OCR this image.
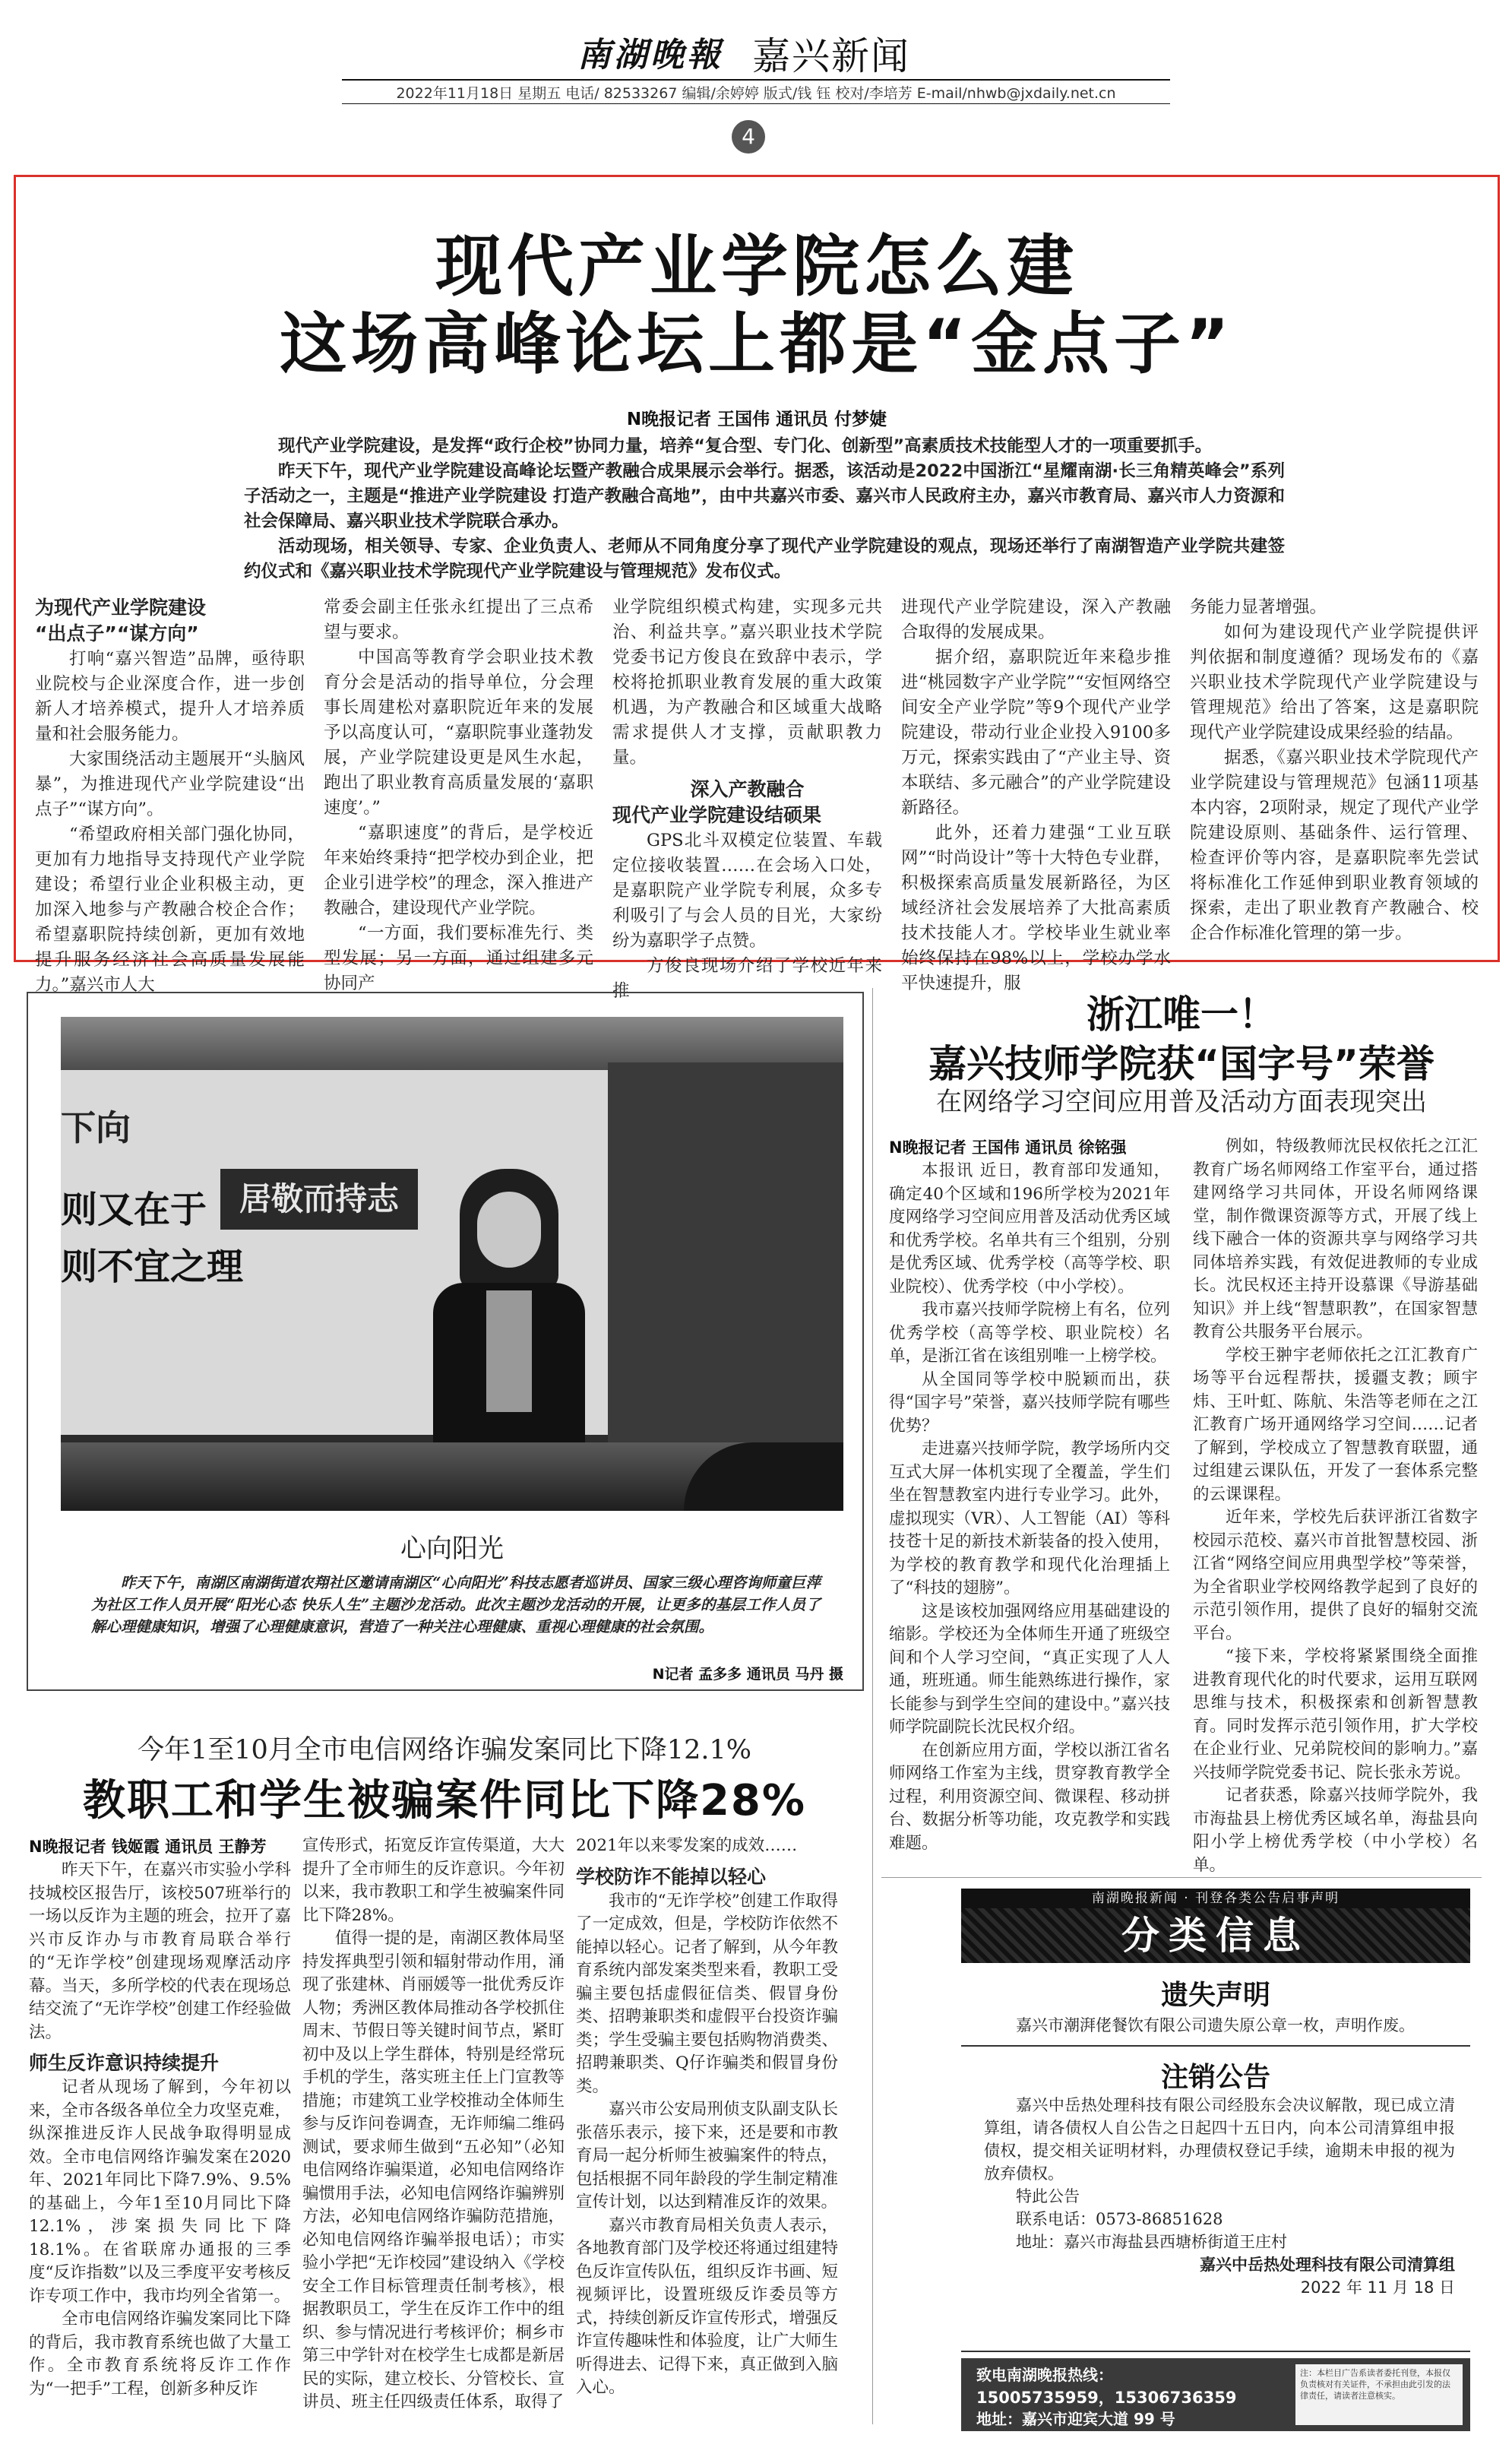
南湖晚報 嘉兴新闻
2022年11月18日 星期五 电话/ 82533267 编辑/余婷婷 版式/钱 钰 校对/李培芳 E-mail/nhwb@jxdaily.net.cn
4
现代产业学院怎么建
这场高峰论坛上都是“金点子”
N晚报记者 王国伟 通讯员 付梦婕

现代产业学院建设，是发挥“政行企校”协同力量，培养“复合型、专门化、创新型”高素质技术技能型人才的一项重要抓手。

昨天下午，现代产业学院建设高峰论坛暨产教融合成果展示会举行。据悉，该活动是2022中国浙江“星耀南湖·长三角精英峰会”系列子活动之一，主题是“推进产业学院建设 打造产教融合高地”，由中共嘉兴市委、嘉兴市人民政府主办，嘉兴市教育局、嘉兴市人力资源和社会保障局、嘉兴职业技术学院联合承办。

活动现场，相关领导、专家、企业负责人、老师从不同角度分享了现代产业学院建设的观点，现场还举行了南湖智造产业学院共建签约仪式和《嘉兴职业技术学院现代产业学院建设与管理规范》发布仪式。

为现代产业学院建设
“出点子”“谋方向”

打响“嘉兴智造”品牌，亟待职业院校与企业深度合作，进一步创新人才培养模式，提升人才培养质量和社会服务能力。

大家围绕活动主题展开“头脑风暴”，为推进现代产业学院建设“出点子”“谋方向”。

“希望政府相关部门强化协同，更加有力地指导支持现代产业学院建设；希望行业企业积极主动，更加深入地参与产教融合校企合作；希望嘉职院持续创新，更加有效地提升服务经济社会高质量发展能力。”嘉兴市人大

常委会副主任张永红提出了三点希望与要求。

中国高等教育学会职业技术教育分会是活动的指导单位，分会理事长周建松对嘉职院近年来的发展予以高度认可，“嘉职院事业蓬勃发展，产业学院建设更是风生水起，跑出了职业教育高质量发展的‘嘉职速度’。”

“嘉职速度”的背后，是学校近年来始终秉持“把学校办到企业，把企业引进学校”的理念，深入推进产教融合，建设现代产业学院。

“一方面，我们要标准先行、类型发展；另一方面，通过组建多元协同产

业学院组织模式构建，实现多元共治、利益共享。”嘉兴职业技术学院党委书记方俊良在致辞中表示，学校将抢抓职业教育发展的重大政策机遇，为产教融合和区域重大战略需求提供人才支撑，贡献职教力量。

深入产教融合
现代产业学院建设结硕果

GPS北斗双模定位装置、车载定位接收装置……在会场入口处，是嘉职院产业学院专利展，众多专利吸引了与会人员的目光，大家纷纷为嘉职学子点赞。

方俊良现场介绍了学校近年来推

进现代产业学院建设，深入产教融合取得的发展成果。

据介绍，嘉职院近年来稳步推进“桃园数字产业学院”“安恒网络空间安全产业学院”等9个现代产业学院建设，带动行业企业投入9100多万元，探索实践由了“产业主导、资本联结、多元融合”的产业学院建设新路径。

此外，还着力建强“工业互联网”“时尚设计”等十大特色专业群，积极探索高质量发展新路径，为区域经济社会发展培养了大批高素质技术技能人才。学校毕业生就业率始终保持在98%以上，学校办学水平快速提升，服

务能力显著增强。

如何为建设现代产业学院提供评判依据和制度遵循？现场发布的《嘉兴职业技术学院现代产业学院建设与管理规范》给出了答案，这是嘉职院现代产业学院建设成果经验的结晶。

据悉，《嘉兴职业技术学院现代产业学院建设与管理规范》包涵11项基本内容，2项附录，规定了现代产业学院建设原则、基础条件、运行管理、检查评价等内容，是嘉职院率先尝试将标准化工作延伸到职业教育领域的探索，走出了职业教育产教融合、校企合作标准化管理的第一步。

下向
居敬而持志
则又在于
则不宜之理
心向阳光
昨天下午，南湖区南湖街道农翔社区邀请南湖区“心向阳光”科技志愿者巡讲员、国家三级心理咨询师童巨萍为社区工作人员开展“阳光心态 快乐人生”主题沙龙活动。此次主题沙龙活动的开展，让更多的基层工作人员了解心理健康知识，增强了心理健康意识，营造了一种关注心理健康、重视心理健康的社会氛围。
N记者 孟多多 通讯员 马丹 摄
今年1至10月全市电信网络诈骗发案同比下降12.1%
教职工和学生被骗案件同比下降28%
N晚报记者 钱姬霞 通讯员 王静芳

昨天下午，在嘉兴市实验小学科技城校区报告厅，该校507班举行的一场以反诈为主题的班会，拉开了嘉兴市反诈办与市教育局联合举行的“无诈学校”创建现场观摩活动序幕。当天，多所学校的代表在现场总结交流了“无诈学校”创建工作经验做法。

师生反诈意识持续提升

记者从现场了解到，今年初以来，全市各级各单位全力攻坚克难，纵深推进反诈人民战争取得明显成效。全市电信网络诈骗发案在2020年、2021年同比下降7.9%、9.5%的基础上，今年1至10月同比下降12.1%，涉案损失同比下降18.1%。在省联席办通报的三季度“反诈指数”以及三季度平安考核反诈专项工作中，我市均列全省第一。

全市电信网络诈骗发案同比下降的背后，我市教育系统也做了大量工作。全市教育系统将反诈工作作为“一把手”工程，创新多种反诈

宣传形式，拓宽反诈宣传渠道，大大提升了全市师生的反诈意识。今年初以来，我市教职工和学生被骗案件同比下降28%。

值得一提的是，南湖区教体局坚持发挥典型引领和辐射带动作用，涌现了张建林、肖丽媛等一批优秀反诈人物；秀洲区教体局推动各学校抓住周末、节假日等关键时间节点，紧盯初中及以上学生群体，特别是经常玩手机的学生，落实班主任上门宣教等措施；市建筑工业学校推动全体师生参与反诈问卷调查，无诈师编二维码测试，要求师生做到“五必知”（必知电信网络诈骗渠道，必知电信网络诈骗惯用手法，必知电信网络诈骗辨别方法，必知电信网络诈骗防范措施，必知电信网络诈骗举报电话）；市实验小学把“无诈校园”建设纳入《学校安全工作目标管理责任制考核》，根据教职员工，学生在反诈工作中的组织、参与情况进行考核评价；桐乡市第三中学针对在校学生七成都是新居民的实际，建立校长、分管校长、宣讲员、班主任四级责任体系，取得了

2021年以来零发案的成效……

学校防诈不能掉以轻心

我市的“无诈学校”创建工作取得了一定成效，但是，学校防诈依然不能掉以轻心。记者了解到，从今年教育系统内部发案类型来看，教职工受骗主要包括虚假征信类、假冒身份类、招聘兼职类和虚假平台投资诈骗类；学生受骗主要包括购物消费类、招聘兼职类、Q仔诈骗类和假冒身份类。

嘉兴市公安局刑侦支队副支队长张蓓乐表示，接下来，还是要和市教育局一起分析师生被骗案件的特点，包括根据不同年龄段的学生制定精准宣传计划，以达到精准反诈的效果。

嘉兴市教育局相关负责人表示，各地教育部门及学校还将通过组建特色反诈宣传队伍，组织反诈书画、短视频评比，设置班级反诈委员等方式，持续创新反诈宣传形式，增强反诈宣传趣味性和体验度，让广大师生听得进去、记得下来，真正做到入脑入心。

浙江唯一！
嘉兴技师学院获“国字号”荣誉
在网络学习空间应用普及活动方面表现突出
N晚报记者 王国伟 通讯员 徐铭强

本报讯 近日，教育部印发通知，确定40个区域和196所学校为2021年度网络学习空间应用普及活动优秀区域和优秀学校。名单共有三个组别，分别是优秀区域、优秀学校（高等学校、职业院校）、优秀学校（中小学校）。

我市嘉兴技师学院榜上有名，位列优秀学校（高等学校、职业院校）名单，是浙江省在该组别唯一上榜学校。

从全国同等学校中脱颖而出，获得“国字号”荣誉，嘉兴技师学院有哪些优势？

走进嘉兴技师学院，教学场所内交互式大屏一体机实现了全覆盖，学生们坐在智慧教室内进行专业学习。此外，虚拟现实（VR）、人工智能（AI）等科技苍十足的新技术新装备的投入使用，为学校的教育教学和现代化治理插上了“科技的翅膀”。

这是该校加强网络应用基础建设的缩影。学校还为全体师生开通了班级空间和个人学习空间，“真正实现了人人通，班班通。师生能熟练进行操作，家长能参与到学生空间的建设中。”嘉兴技师学院副院长沈民权介绍。

在创新应用方面，学校以浙江省名师网络工作室为主线，贯穿教育教学全过程，利用资源空间、微课程、移动拼台、数据分析等功能，攻克教学和实践难题。

例如，特级教师沈民权依托之江汇教育广场名师网络工作室平台，通过搭建网络学习共同体，开设名师网络课堂，制作微课资源等方式，开展了线上线下融合一体的资源共享与网络学习共同体培养实践，有效促进教师的专业成长。沈民权还主持开设慕课《导游基础知识》并上线“智慧职教”，在国家智慧教育公共服务平台展示。

学校王翀宇老师依托之江汇教育广场等平台远程帮扶，援疆支教；顾宇炜、王叶虹、陈航、朱浩等老师在之江汇教育广场开通网络学习空间……记者了解到，学校成立了智慧教育联盟，通过组建云课队伍，开发了一套体系完整的云课课程。

近年来，学校先后获评浙江省数字校园示范校、嘉兴市首批智慧校园、浙江省“网络空间应用典型学校”等荣誉，为全省职业学校网络教学起到了良好的示范引领作用，提供了良好的辐射交流平台。

“接下来，学校将紧紧围绕全面推进教育现代化的时代要求，运用互联网思维与技术，积极探索和创新智慧教育。同时发挥示范引领作用，扩大学校在企业行业、兄弟院校间的影响力。”嘉兴技师学院党委书记、院长张永芳说。

记者获悉，除嘉兴技师学院外，我市海盐县上榜优秀区域名单，海盐县向阳小学上榜优秀学校（中小学校）名单。

南湖晚报新闻 · 刊登各类公告启事声明
分类信息
遗失声明
嘉兴市潮湃佬餐饮有限公司遗失原公章一枚，声明作废。
注销公告

嘉兴中岳热处理科技有限公司经股东会决议解散，现已成立清算组，请各债权人自公告之日起四十五日内，向本公司清算组申报债权，提交相关证明材料，办理债权登记手续，逾期未申报的视为放弃债权。

特此公告

联系电话：0573-86851628

地址：嘉兴市海盐县西塘桥街道王庄村

嘉兴中岳热处理科技有限公司清算组

2022 年 11 月 18 日

致电南湖晚报热线：
15005735959，15306736359
地址：嘉兴市迎宾大道 99 号
注：本栏目广告系读者委托刊登，本报仅负责核对有关证件，不承担由此引发的法律责任，请读者注意核实。
